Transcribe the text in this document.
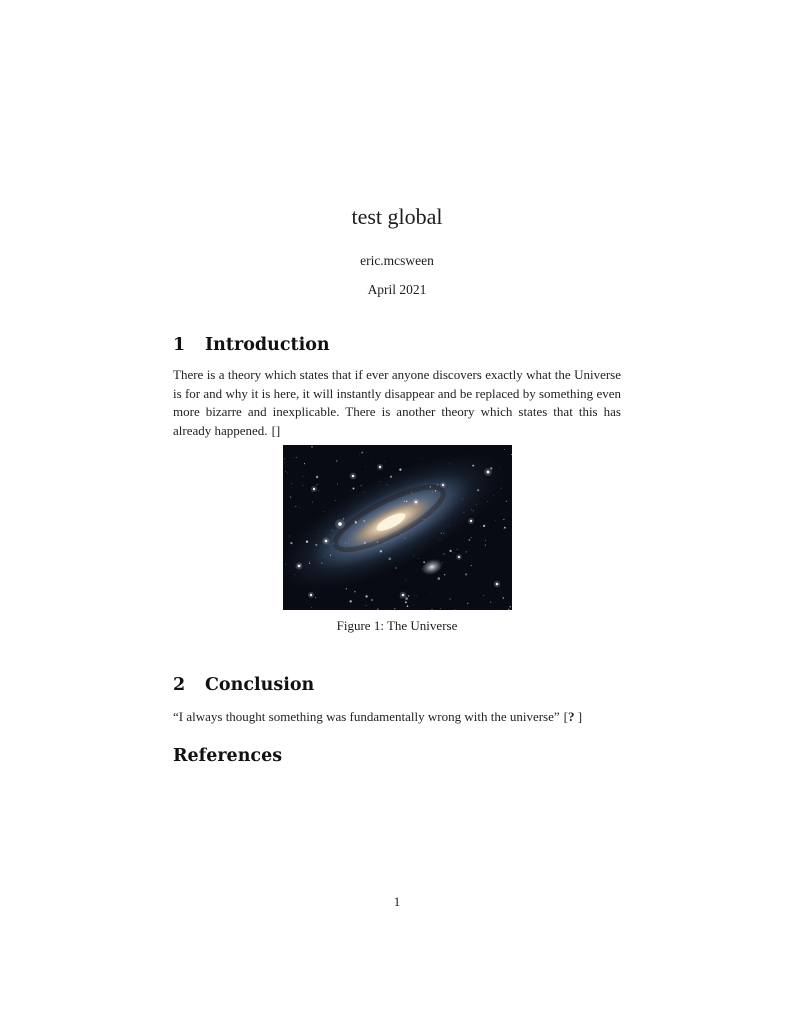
test global
eric.mcsween
April 2021
1 Introduction
There is a theory which states that if ever anyone discovers exactly what the Universe is for and why it is here, it will instantly disappear and be replaced by something even more bizarre and inexplicable. There is another theory which states that this has already happened. []
Figure 1: The Universe
2 Conclusion
“I always thought something was fundamentally wrong with the universe” [? ]
References
1
